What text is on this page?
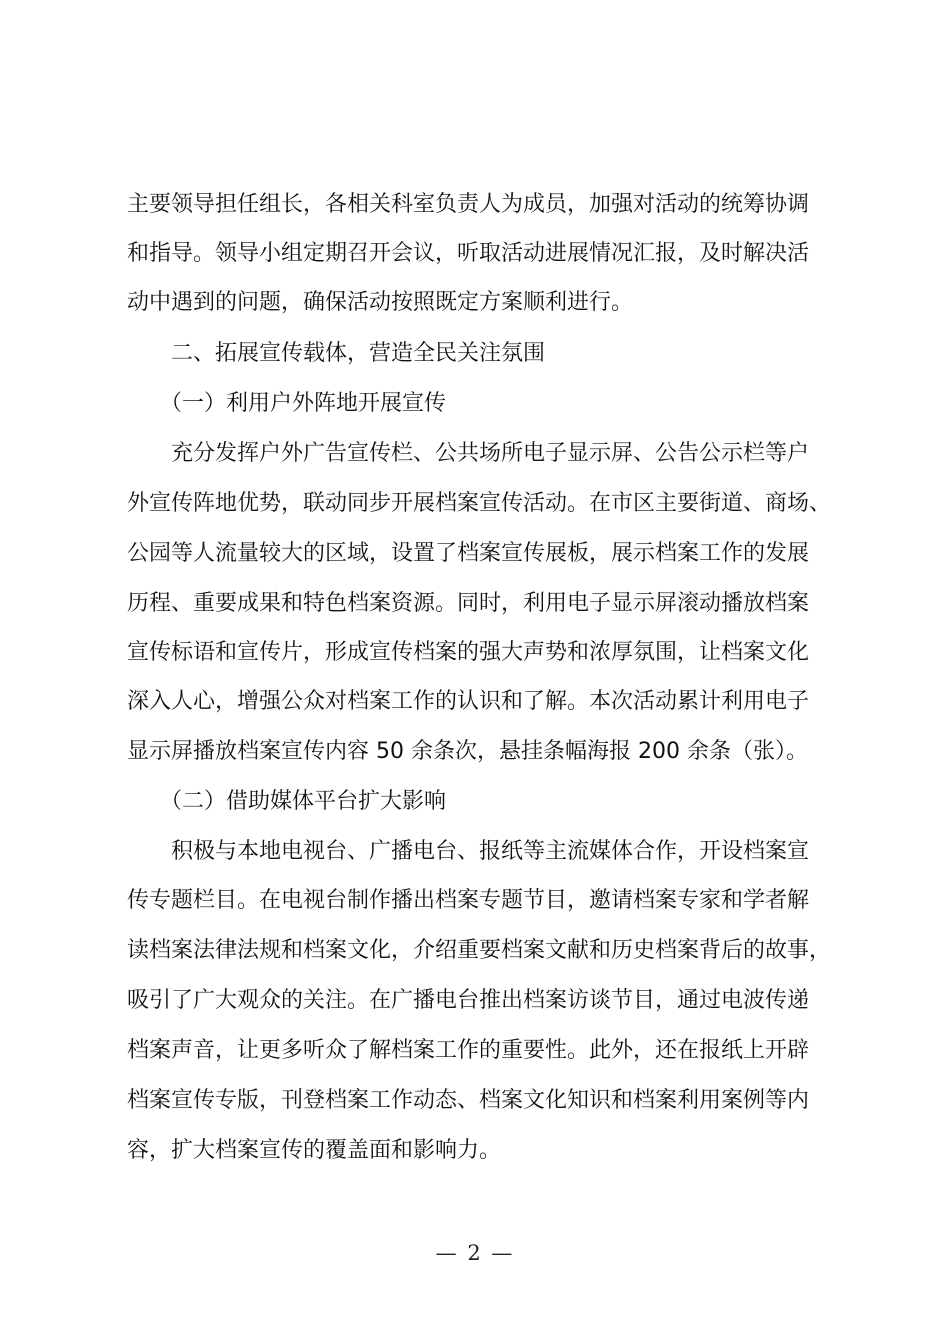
主要领导担任组长，各相关科室负责人为成员，加强对活动的统筹协调
和指导。领导小组定期召开会议，听取活动进展情况汇报，及时解决活
动中遇到的问题，确保活动按照既定方案顺利进行。
　　二、拓展宣传载体，营造全民关注氛围
　　（一）利用户外阵地开展宣传
　　充分发挥户外广告宣传栏、公共场所电子显示屏、公告公示栏等户
外宣传阵地优势，联动同步开展档案宣传活动。在市区主要街道、商场、
公园等人流量较大的区域，设置了档案宣传展板，展示档案工作的发展
历程、重要成果和特色档案资源。同时，利用电子显示屏滚动播放档案
宣传标语和宣传片，形成宣传档案的强大声势和浓厚氛围，让档案文化
深入人心，增强公众对档案工作的认识和了解。本次活动累计利用电子
显示屏播放档案宣传内容 50 余条次，悬挂条幅海报 200 余条（张）。
　　（二）借助媒体平台扩大影响
　　积极与本地电视台、广播电台、报纸等主流媒体合作，开设档案宣
传专题栏目。在电视台制作播出档案专题节目，邀请档案专家和学者解
读档案法律法规和档案文化，介绍重要档案文献和历史档案背后的故事，
吸引了广大观众的关注。在广播电台推出档案访谈节目，通过电波传递
档案声音，让更多听众了解档案工作的重要性。此外，还在报纸上开辟
档案宣传专版，刊登档案工作动态、档案文化知识和档案利用案例等内
容，扩大档案宣传的覆盖面和影响力。
— 2 —
